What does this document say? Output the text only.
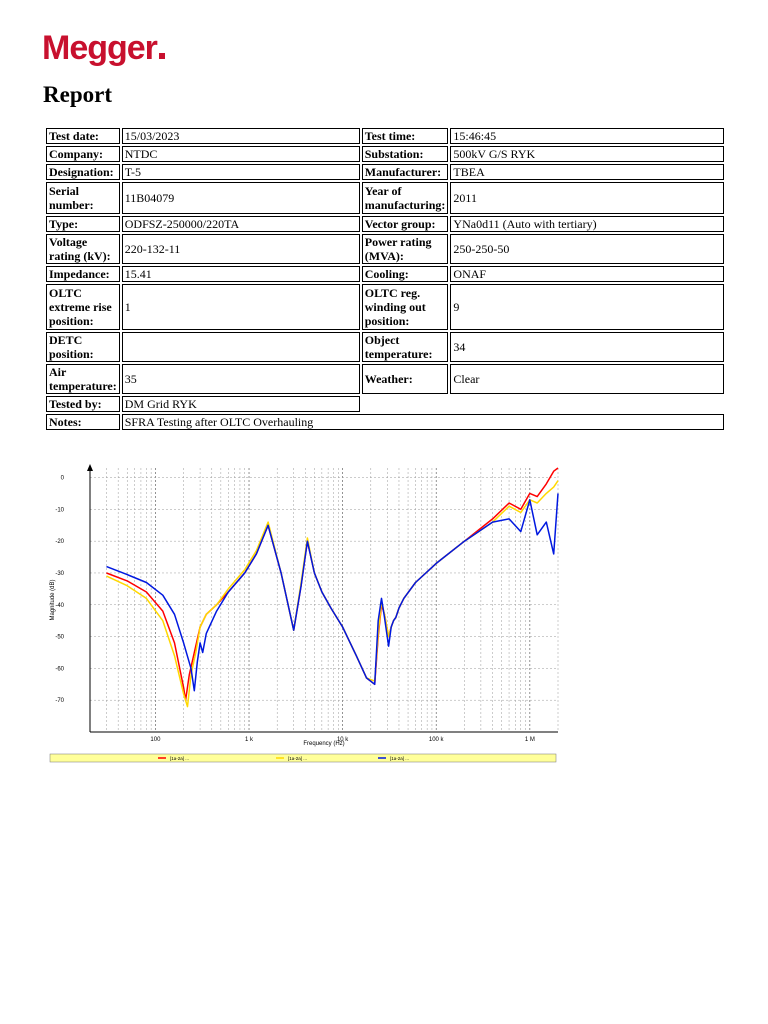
Megger
Report
Test date:	15/03/2023	Test time:	15:46:45
Company:	NTDC	Substation:	500kV G/S RYK
Designation:	T-5	Manufacturer:	TBEA
Serial number:	11B04079	Year of manufacturing:	2011
Type:	ODFSZ-250000/220TA	Vector group:	YNa0d11 (Auto with tertiary)
Voltage rating (kV):	220-132-11	Power rating (MVA):	250-250-50
Impedance:	15.41	Cooling:	ONAF
OLTC extreme rise position:	1	OLTC reg. winding out position:	9
DETC position:		Object temperature:	34
Air temperature:	35	Weather:	Clear
Tested by:	DM Grid RYK		
Notes:	SFRA Testing after OLTC Overhauling		
0
-10
-20
-30
-40
-50
-60
-70
100	1 k	10 k	100 k	1 M
Magnitude (dB)
Frequency (Hz)
[1a-2a] ...	[1a-2a] ...	[1a-2a] ...
